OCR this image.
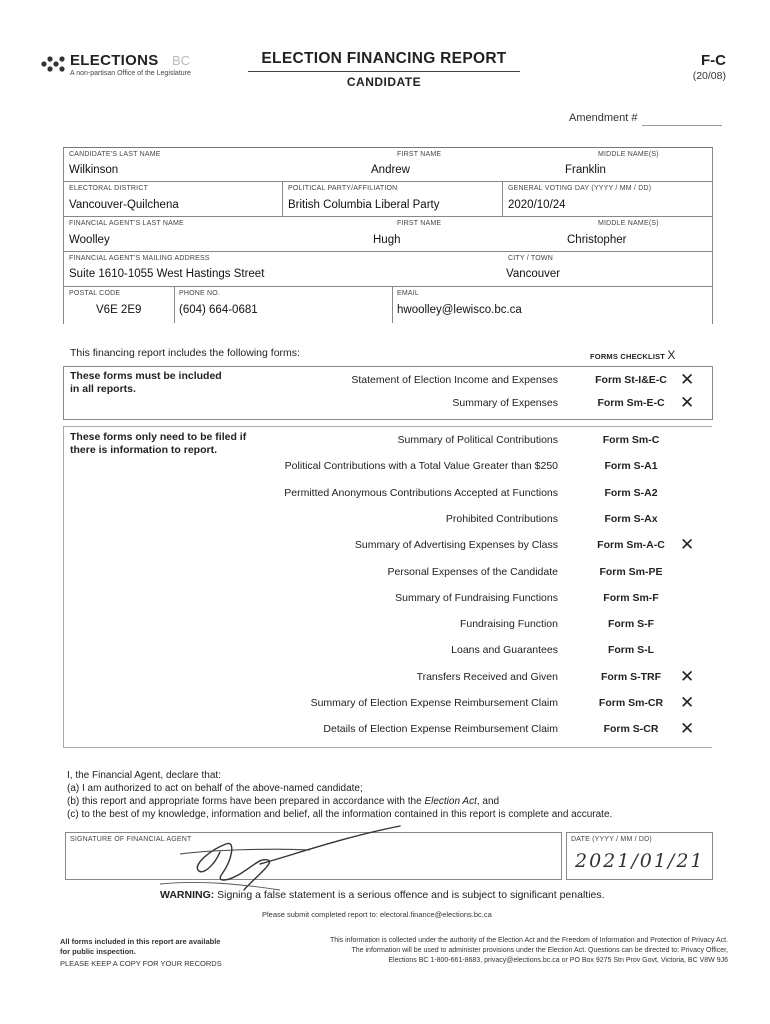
ELECTIONS BC
A non-partisan Office of the Legislature
ELECTION FINANCING REPORT
CANDIDATE
F-C
(20/08)
Amendment #
CANDIDATE'S LAST NAME
Wilkinson
FIRST NAME
Andrew
MIDDLE NAME(S)
Franklin
ELECTORAL DISTRICT
Vancouver-Quilchena
POLITICAL PARTY/AFFILIATION
British Columbia Liberal Party
GENERAL VOTING DAY (YYYY / MM / DD)
2020/10/24
FINANCIAL AGENT'S LAST NAME
Woolley
FIRST NAME
Hugh
MIDDLE NAME(S)
Christopher
FINANCIAL AGENT'S MAILING ADDRESS
Suite 1610-1055 West Hastings Street
CITY / TOWN
Vancouver
POSTAL CODE
V6E 2E9
PHONE NO.
(604) 664-0681
EMAIL
hwoolley@lewisco.bc.ca
This financing report includes the following forms:	FORMS CHECKLIST X
These forms must be included in all reports.
These forms only need to be filed if there is information to report.
Statement of Election Income and Expenses	Form St-I&E-C ✕
Summary of Expenses	Form Sm-E-C ✕
Summary of Political Contributions	Form Sm-C
Political Contributions with a Total Value Greater than $250	Form S-A1
Permitted Anonymous Contributions Accepted at Functions	Form S-A2
Prohibited Contributions	Form S-Ax
Summary of Advertising Expenses by Class	Form Sm-A-C ✕
Personal Expenses of the Candidate	Form Sm-PE
Summary of Fundraising Functions	Form Sm-F
Fundraising Function	Form S-F
Loans and Guarantees	Form S-L
Transfers Received and Given	Form S-TRF	✕
Summary of Election Expense Reimbursement Claim	Form Sm-CR ✕
Details of Election Expense Reimbursement Claim	Form S-CR	✕
I, the Financial Agent, declare that:
(a) I am authorized to act on behalf of the above-named candidate;
(b) this report and appropriate forms have been prepared in accordance with the Election Act, and
(c) to the best of my knowledge, information and belief, all the information contained in this report is complete and accurate.
SIGNATURE OF FINANCIAL AGENT	DATE (YYYY / MM / DD)
2021/01/21
WARNING: Signing a false statement is a serious offence and is subject to significant penalties.
Please submit completed report to: electoral.finance@elections.bc.ca
All forms included in this report are available
for public inspection.
PLEASE KEEP A COPY FOR YOUR RECORDS
This information is collected under the authority of the Election Act and the Freedom of Information and Protection of Privacy Act.
The information will be used to administer provisions under the Election Act. Questions can be directed to: Privacy Officer,
Elections BC 1-800-661-8683, privacy@elections.bc.ca or PO Box 9275 Stn Prov Govt, Victoria, BC V8W 9J6
